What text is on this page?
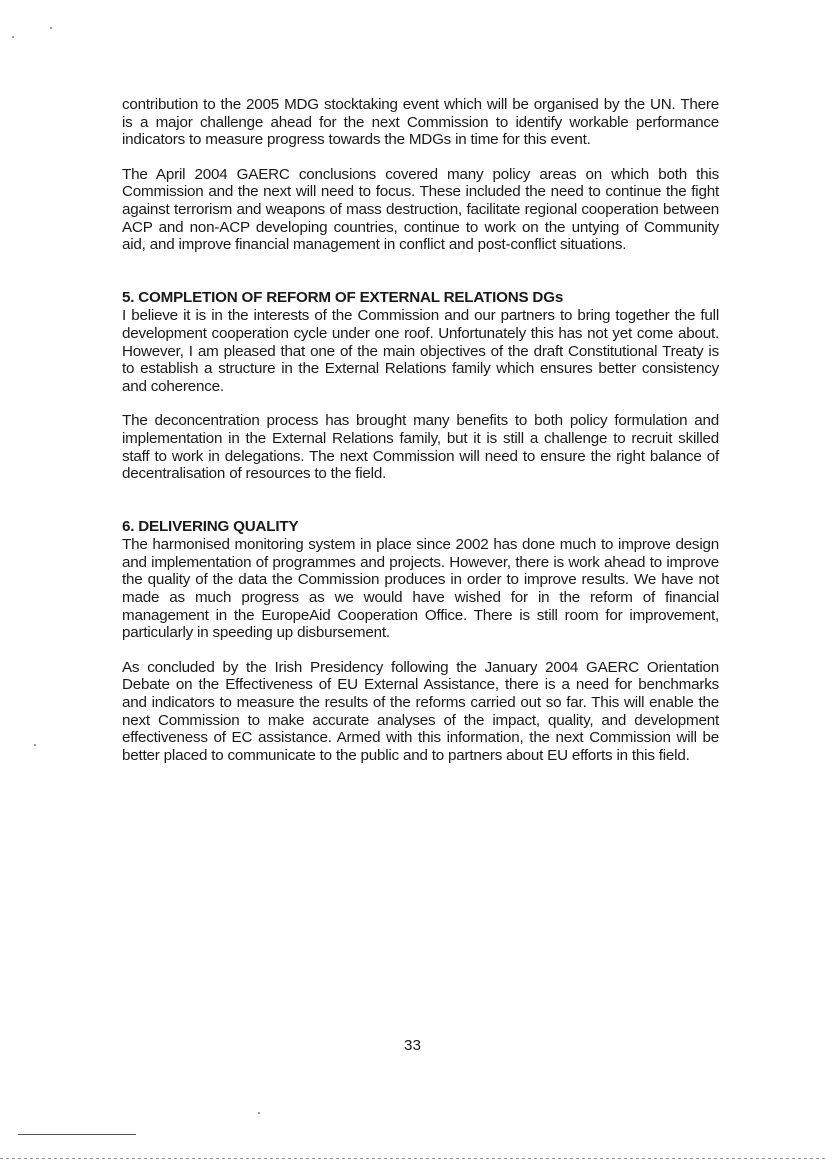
contribution to the 2005 MDG stocktaking event which will be organised by the UN. There is a major challenge ahead for the next Commission to identify workable performance indicators to measure progress towards the MDGs in time for this event.

The April 2004 GAERC conclusions covered many policy areas on which both this Commission and the next will need to focus. These included the need to continue the fight against terrorism and weapons of mass destruction, facilitate regional cooperation between ACP and non-ACP developing countries, continue to work on the untying of Community aid, and improve financial management in conflict and post-conflict situations.

5. COMPLETION OF REFORM OF EXTERNAL RELATIONS DGs

I believe it is in the interests of the Commission and our partners to bring together the full development cooperation cycle under one roof. Unfortunately this has not yet come about. However, I am pleased that one of the main objectives of the draft Constitutional Treaty is to establish a structure in the External Relations family which ensures better consistency and coherence.

The deconcentration process has brought many benefits to both policy formulation and implementation in the External Relations family, but it is still a challenge to recruit skilled staff to work in delegations. The next Commission will need to ensure the right balance of decentralisation of resources to the field.

6. DELIVERING QUALITY

The harmonised monitoring system in place since 2002 has done much to improve design and implementation of programmes and projects. However, there is work ahead to improve the quality of the data the Commission produces in order to improve results. We have not made as much progress as we would have wished for in the reform of financial management in the EuropeAid Cooperation Office. There is still room for improvement, particularly in speeding up disbursement.

As concluded by the Irish Presidency following the January 2004 GAERC Orientation Debate on the Effectiveness of EU External Assistance, there is a need for benchmarks and indicators to measure the results of the reforms carried out so far. This will enable the next Commission to make accurate analyses of the impact, quality, and development effectiveness of EC assistance. Armed with this information, the next Commission will be better placed to communicate to the public and to partners about EU efforts in this field.

33
